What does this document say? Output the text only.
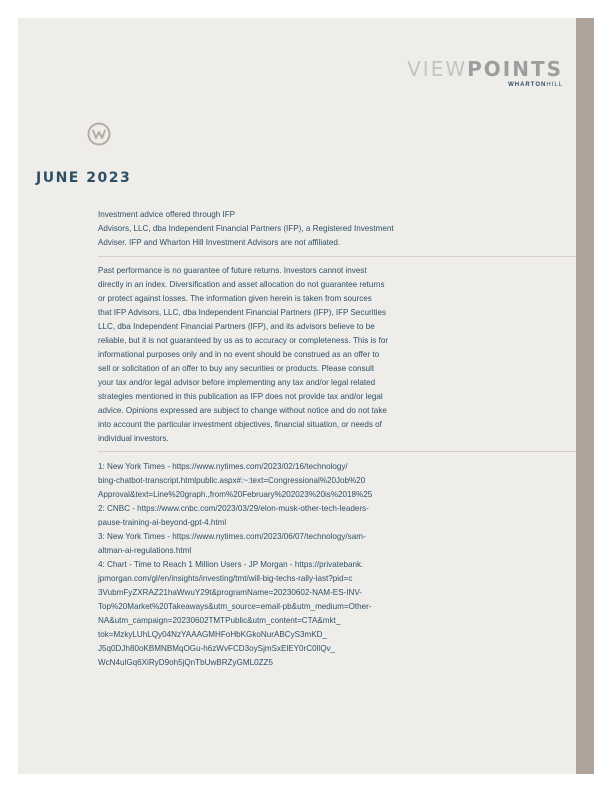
VIEWPOINTS
WHARTONHILL
JUNE 2023
Investment advice offered through IFP
Advisors, LLC, dba Independent Financial Partners (IFP), a Registered Investment
Adviser. IFP and Wharton Hill Investment Advisors are not affiliated.
Past performance is no guarantee of future returns. Investors cannot invest
directly in an index. Diversification and asset allocation do not guarantee returns
or protect against losses. The information given herein is taken from sources
that IFP Advisors, LLC, dba Independent Financial Partners (IFP), IFP Securities
LLC, dba Independent Financial Partners (IFP), and its advisors believe to be
reliable, but it is not guaranteed by us as to accuracy or completeness. This is for
informational purposes only and in no event should be construed as an offer to
sell or solicitation of an offer to buy any securities or products. Please consult
your tax and/or legal advisor before implementing any tax and/or legal related
strategies mentioned in this publication as IFP does not provide tax and/or legal
advice. Opinions expressed are subject to change without notice and do not take
into account the particular investment objectives, financial situation, or needs of
individual investors.
1: New York Times - https://www.nytimes.com/2023/02/16/technology/
bing-chatbot-transcript.htmlpublic.aspx#:~:text=Congressional%20Job%20
Approval&text=Line%20graph.,from%20February%202023%20is%2018%25
2: CNBC - https://www.cnbc.com/2023/03/29/elon-musk-other-tech-leaders-
pause-training-ai-beyond-gpt-4.html
3: New York Times - https://www.nytimes.com/2023/06/07/technology/sam-
altman-ai-regulations.html
4: Chart - Time to Reach 1 Million Users - JP Morgan - https://privatebank.
jpmorgan.com/gl/en/insights/investing/tmt/will-big-techs-rally-last?pid=c
3VubmFyZXRAZ21haWwuY29t&programName=20230602-NAM-ES-INV-
Top%20Market%20Takeaways&utm_source=email-pb&utm_medium=Other-
NA&utm_campaign=20230602TMTPublic&utm_content=CTA&mkt_
tok=MzkyLUhLQy04NzYAAAGMHFoHbKGkoNurABCyS3mKD_
J5q0DJh80oKBMNBMqOGu-h6zWvFCD3oySjmSxElEY0rC0llQv_
WcN4ulGq6XiRyD9oh5jQnTbUwBRZyGML0ZZ5
